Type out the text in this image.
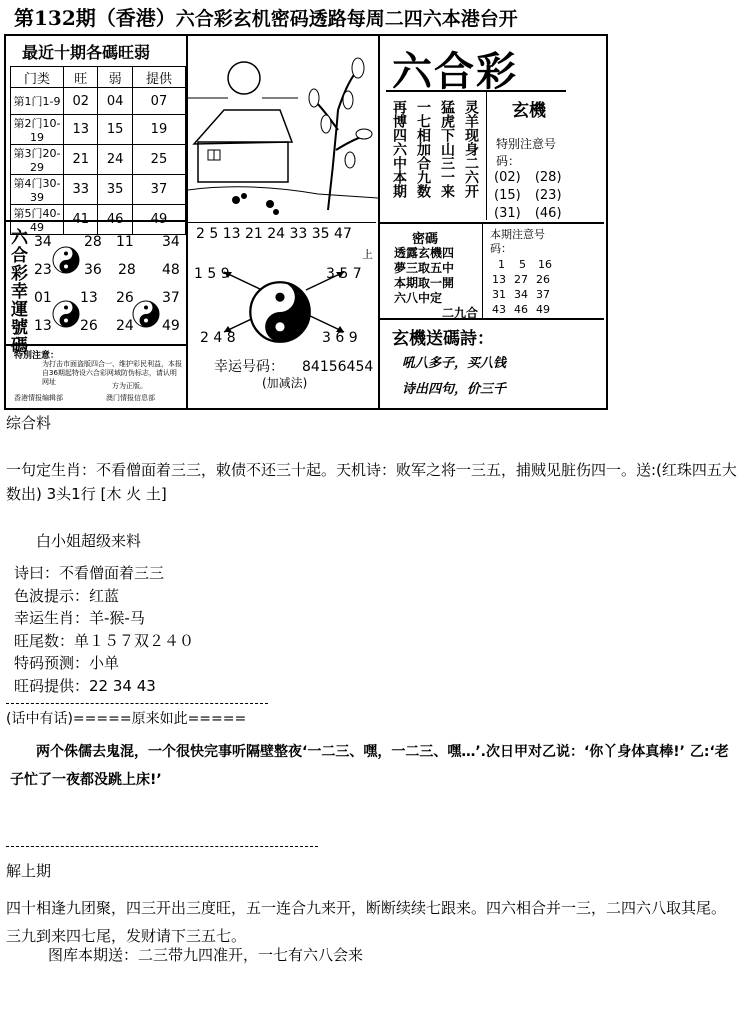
第132期（香港）六合彩玄机密码透路每周二四六本港台开
最近十期各碼旺弱
门类	旺	弱	提供
第1门1-9	02	04	07
第2门10-19	13	15	19
第3门20-29	21	24	25
第4门30-39	33	35	37
第5门40-49	41	46	49
六合彩幸運號碼 34 28 11 34
23 36 28 48
01 13 26 37
13 26 24 49
特別注意：
为打击市面盗版四合一、维护彩民利益，本报自36期起特设六合彩网域防伪标志，请认明网址	方为正版。
香港情报编辑部	澳门情报信息部
2 5 13 21 24 33 35 47
上
1 5 9	3 5 7
2 4 8	3 6 9
幸运号码： 84156454
(加减法)
六合彩
玄機
灵羊现身二六开
猛虎下山三一来
一七相加合九数
再博四六中本期	特别注意号码：
(02) (28)
(15) (23)
(31) (46)
密碼
透露玄機四
夢三取五中
本期取一開
六八中定
二九合
本期注意号码：
1 5 16
13 27 26
31 34 37
43 46 49
玄機送碼詩：
吼八多子，买八钱
诗出四句，价三千
综合料
一句定生肖：不看僧面着三三，敕债不还三十起。天机诗：败军之将一三五，捕贼见脏伤四一。送:(红珠四五大数出) 3头1行 [木 火 土]
白小姐超级来料
诗曰：不看僧面着三三
色波提示：红蓝
幸运生肖：羊-猴-马
旺尾数：单１５７双２４０
特码预测：小单
旺码提供：22 34 43
(话中有话)=====原来如此=====
两个侏儒去鬼混，一个很快完事听隔壁整夜‘一二三、嘿，一二三、嘿…’.次日甲对乙说：‘你丫身体真棒!’ 乙:‘老子忙了一夜都没跳上床!’
解上期
四十相逢九团聚，四三开出三度旺，五一连合九来开，断断续续七跟来。四六相合并一三，二四六八取其尾。三九到来四七尾，发财请下三五七。
图库本期送：二三带九四准开，一七有六八会来
